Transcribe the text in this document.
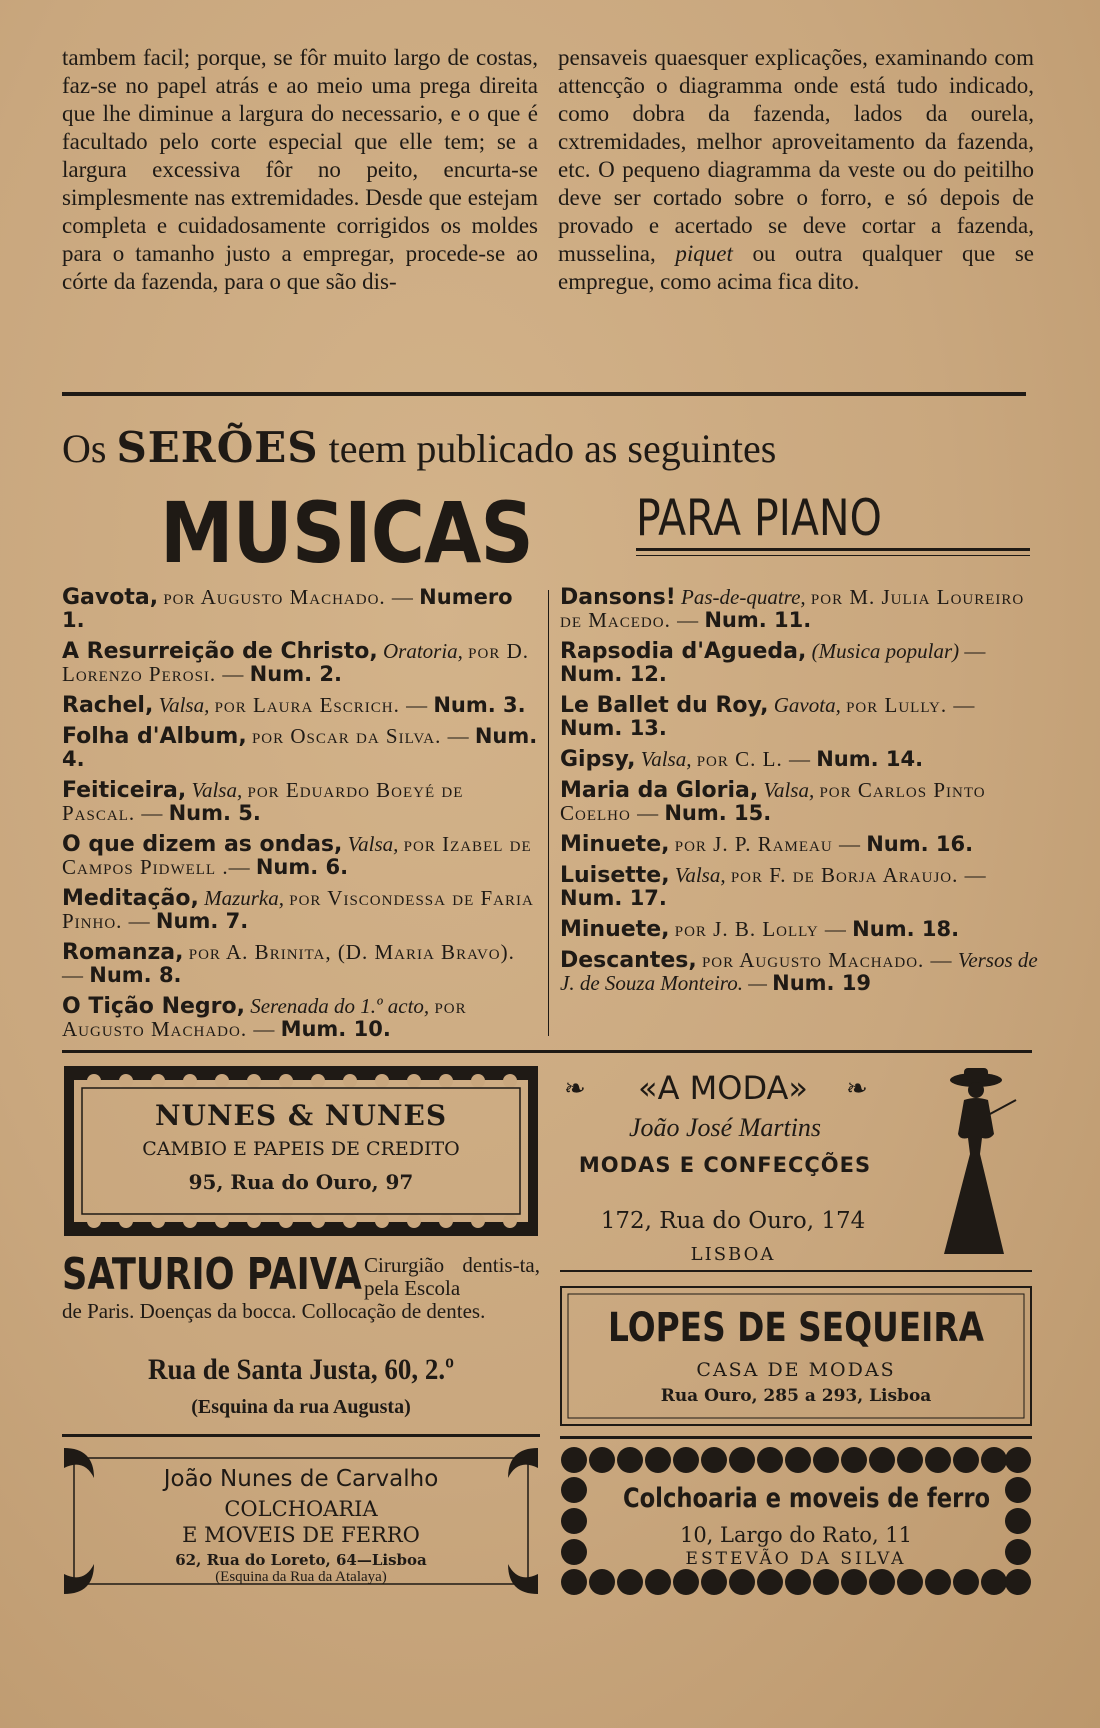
tambem facil; porque, se fôr muito largo de costas, faz-se no papel atrás e ao meio uma prega direita que lhe diminue a largura do necessario, e o que é facultado pelo corte especial que elle tem; se a largura excessiva fôr no peito, encurta-se simplesmente nas extremidades. Desde que estejam completa e cuidadosamente corrigidos os moldes para o tamanho justo a empregar, procede-se ao córte da fazenda, para o que são dis-

pensaveis quaesquer explicações, examinando com attencção o diagramma onde está tudo indicado, como dobra da fazenda, lados da ourela, cxtremidades, melhor aproveitamento da fazenda, etc. O pequeno diagramma da veste ou do peitilho deve ser cortado sobre o forro, e só depois de provado e acertado se deve cortar a fazenda, musselina, piquet ou outra qualquer que se empregue, como acima fica dito.

Os SERÕES teem publicado as seguintes
MUSICAS PARA PIANO
Gavota, por Augusto Machado. — Numero 1.
A Resurreição de Christo, Oratoria, por D. Lorenzo Perosi. — Num. 2.
Rachel, Valsa, por Laura Escrich. — Num. 3.
Folha d'Album, por Oscar da Silva. — Num. 4.
Feiticeira, Valsa, por Eduardo Boeyé de Pascal. — Num. 5.
O que dizem as ondas, Valsa, por Izabel de Campos Pidwell .— Num. 6.
Meditação, Mazurka, por Viscondessa de Faria Pinho. — Num. 7.
Romanza, por A. Brinita, (D. Maria Bravo). — Num. 8.
O Tição Negro, Serenada do 1.º acto, por Augusto Machado. — Mum. 10.
Dansons! Pas-de-quatre, por M. Julia Loureiro de Macedo. — Num. 11.
Rapsodia d'Agueda, (Musica popular) — Num. 12.
Le Ballet du Roy, Gavota, por Lully. — Num. 13.
Gipsy, Valsa, por C. L. — Num. 14.
Maria da Gloria, Valsa, por Carlos Pinto Coelho — Num. 15.
Minuete, por J. P. Rameau — Num. 16.
Luisette, Valsa, por F. de Borja Araujo. — Num. 17.
Minuete, por J. B. Lolly — Num. 18.
Descantes, por Augusto Machado. — Versos de J. de Souza Monteiro. — Num. 19
NUNES & NUNES
CAMBIO E PAPEIS DE CREDITO
95, Rua do Ouro, 97
❧	❧
«A MODA»
João José Martins
MODAS E CONFECÇÕES
172, Rua do Ouro, 174
LISBOA
SATURIO PAIVA Cirurgião dentis-ta, pela Escola
de Paris. Doenças da bocca. Collocação de dentes.
Rua de Santa Justa, 60, 2.º
(Esquina da rua Augusta)
LOPES DE SEQUEIRA
CASA DE MODAS
Rua Ouro, 285 a 293, Lisboa
João Nunes de Carvalho
COLCHOARIA
E MOVEIS DE FERRO
62, Rua do Loreto, 64—Lisboa
(Esquina da Rua da Atalaya)
Colchoaria e moveis de ferro
10, Largo do Rato, 11
ESTEVÃO DA SILVA
